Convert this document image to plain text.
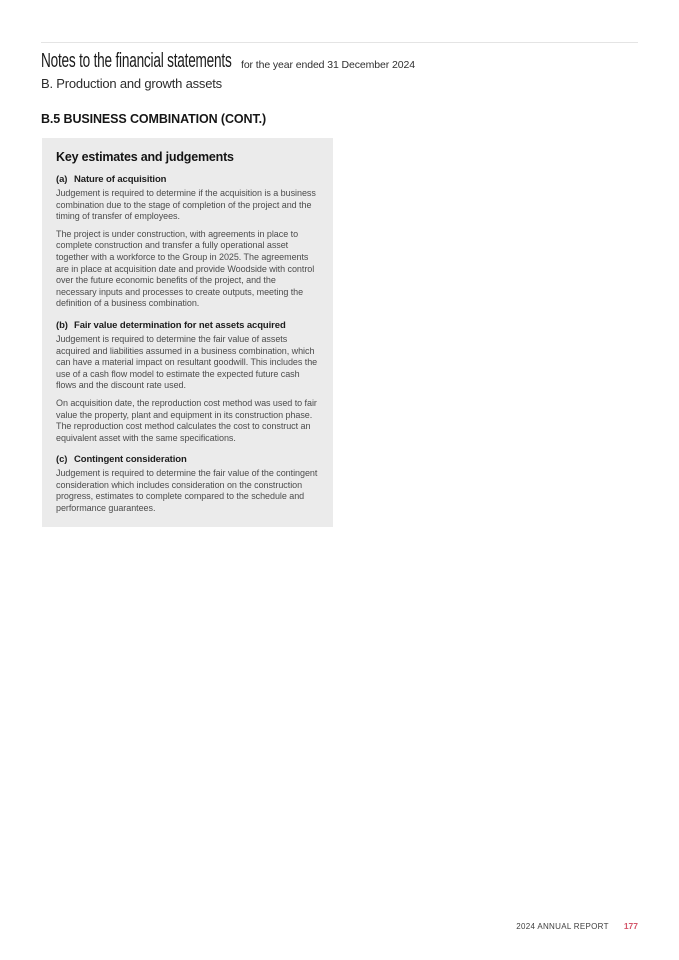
Notes to the financial statements for the year ended 31 December 2024
B. Production and growth assets
B.5 BUSINESS COMBINATION (CONT.)
Key estimates and judgements
(a) Nature of acquisition

Judgement is required to determine if the acquisition is a business combination due to the stage of completion of the project and the timing of transfer of employees.

The project is under construction, with agreements in place to complete construction and transfer a fully operational asset together with a workforce to the Group in 2025. The agreements are in place at acquisition date and provide Woodside with control over the future economic benefits of the project, and the necessary inputs and processes to create outputs, meeting the definition of a business combination.

(b) Fair value determination for net assets acquired

Judgement is required to determine the fair value of assets acquired and liabilities assumed in a business combination, which can have a material impact on resultant goodwill. This includes the use of a cash flow model to estimate the expected future cash flows and the discount rate used.

On acquisition date, the reproduction cost method was used to fair value the property, plant and equipment in its construction phase. The reproduction cost method calculates the cost to construct an equivalent asset with the same specifications.

(c) Contingent consideration

Judgement is required to determine the fair value of the contingent consideration which includes consideration on the construction progress, estimates to complete compared to the schedule and performance guarantees.

2024 ANNUAL REPORT 177
